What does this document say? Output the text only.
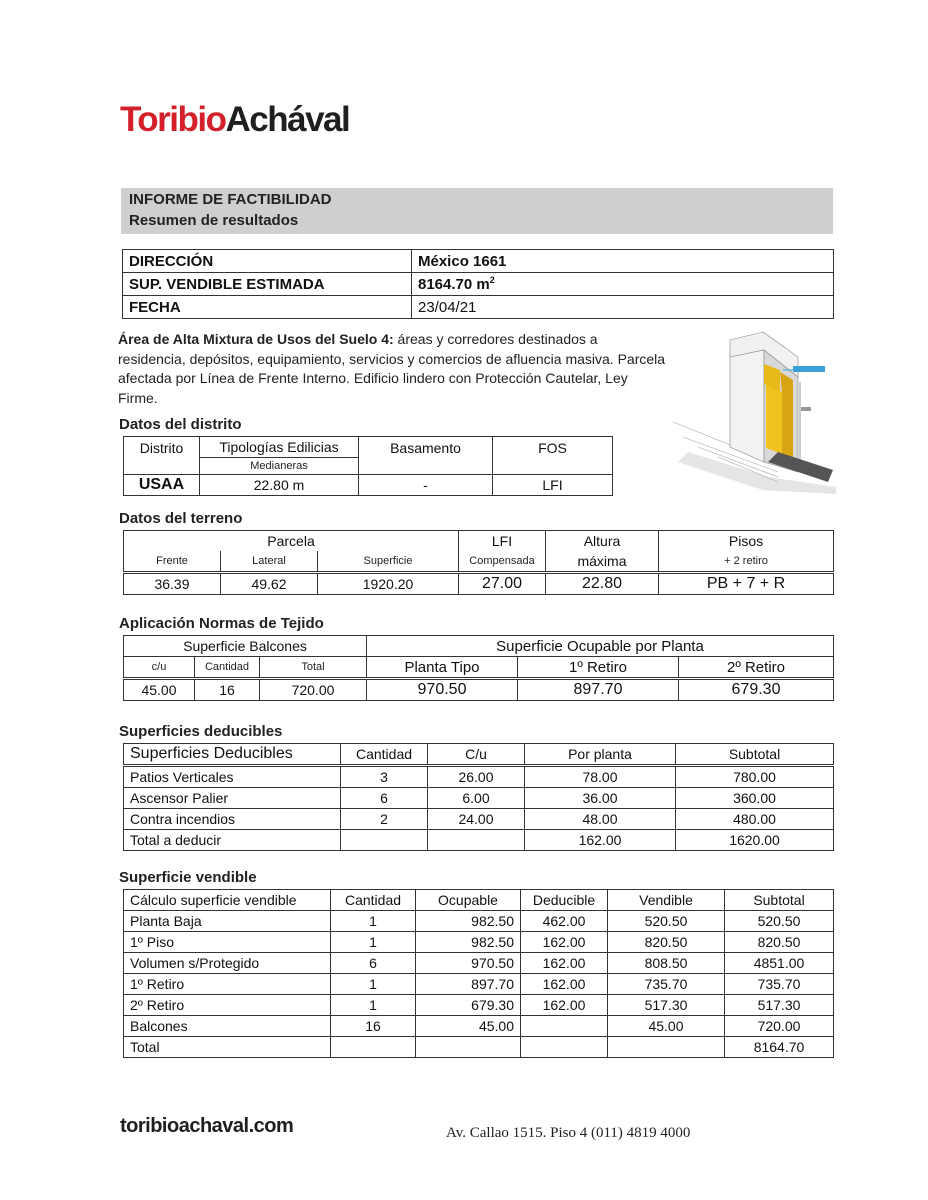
ToribioAchával
INFORME DE FACTIBILIDAD
Resumen de resultados
DIRECCIÓN	México 1661
SUP. VENDIBLE ESTIMADA	8164.70 $m^2$
FECHA	23/04/21
Área de Alta Mixtura de Usos del Suelo 4: áreas y corredores destinados a residencia, depósitos, equipamiento, servicios y comercios de afluencia masiva. Parcela afectada por Línea de Frente Interno. Edificio lindero con Protección Cautelar, Ley Firme.
Datos del distrito
Distrito	Tipologías Edilicias	Basamento	FOS
	Medianeras		
USAA	22.80 m	-	LFI
Datos del terreno
Parcela			LFI	Altura	Pisos
Frente	Lateral	Superficie	Compensada	máxima	+ 2 retiro

36.39	49.62	1920.20	27.00	22.80	PB + 7 + R
Aplicación Normas de Tejido
Superficie Balcones			Superficie Ocupable por Planta		
c/u	Cantidad	Total	Planta Tipo	1º Retiro	2º Retiro

45.00	16	720.00	970.50	897.70	679.30
Superficies deducibles
Superficies Deducibles	Cantidad	C/u	Por planta	Subtotal

Patios Verticales	3	26.00	78.00	780.00
Ascensor Palier	6	6.00	36.00	360.00
Contra incendios	2	24.00	48.00	480.00
Total a deducir			162.00	1620.00
Superficie vendible
Cálculo superficie vendible	Cantidad	Ocupable	Deducible	Vendible	Subtotal
Planta Baja	1	982.50	462.00	520.50	520.50
1º Piso	1	982.50	162.00	820.50	820.50
Volumen s/Protegido	6	970.50	162.00	808.50	4851.00
1º Retiro	1	897.70	162.00	735.70	735.70
2º Retiro	1	679.30	162.00	517.30	517.30
Balcones	16	45.00		45.00	720.00
Total					8164.70
toribioachaval.com	Av. Callao 1515. Piso 4 (011) 4819 4000
